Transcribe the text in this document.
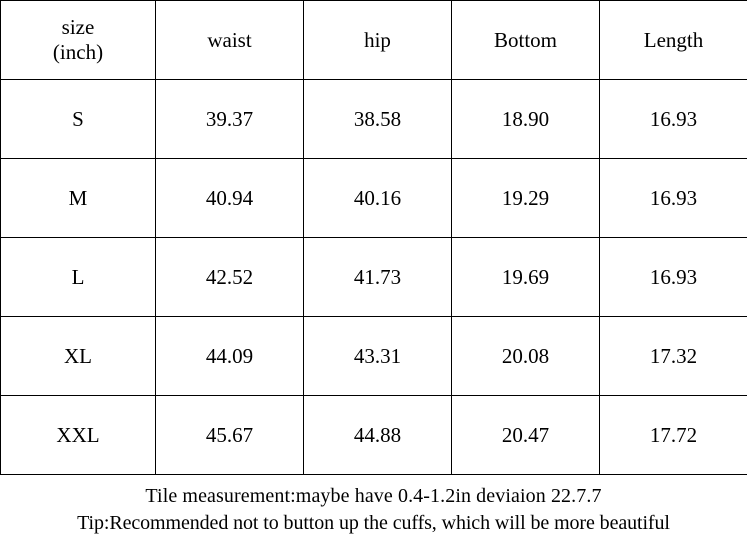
size
(inch)	waist	hip	Bottom	Length
S	39.37	38.58	18.90	16.93
M	40.94	40.16	19.29	16.93
L	42.52	41.73	19.69	16.93
XL	44.09	43.31	20.08	17.32
XXL	45.67	44.88	20.47	17.72
Tile measurement:maybe have 0.4-1.2in deviaion 22.7.7
Tip:Recommended not to button up the cuffs, which will be more beautiful
